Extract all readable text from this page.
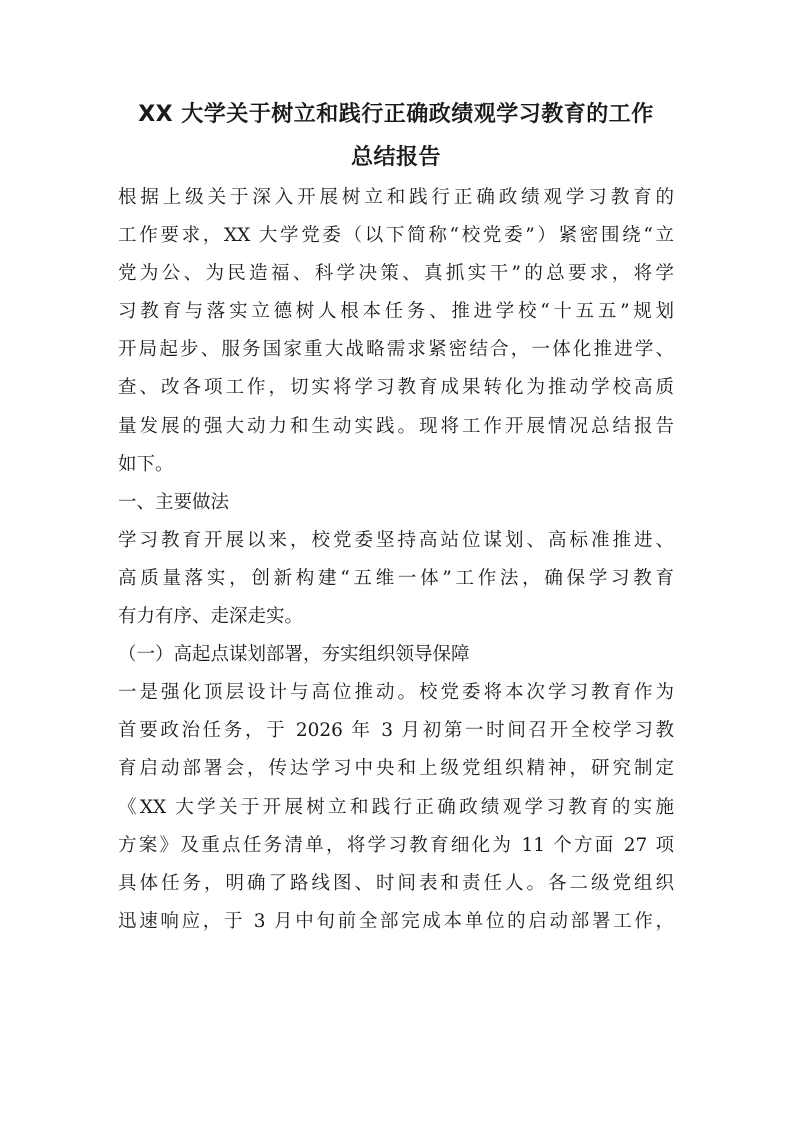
XX 大学关于树立和践行正确政绩观学习教育的工作
总结报告
根据上级关于深入开展树立和践行正确政绩观学习教育的
工作要求，XX 大学党委（以下简称“校党委”）紧密围绕“立
党为公、为民造福、科学决策、真抓实干”的总要求，将学
习教育与落实立德树人根本任务、推进学校“十五五”规划
开局起步、服务国家重大战略需求紧密结合，一体化推进学、
查、改各项工作，切实将学习教育成果转化为推动学校高质
量发展的强大动力和生动实践。现将工作开展情况总结报告
如下。
一、主要做法
学习教育开展以来，校党委坚持高站位谋划、高标准推进、
高质量落实，创新构建“五维一体”工作法，确保学习教育
有力有序、走深走实。
（一）高起点谋划部署，夯实组织领导保障
一是强化顶层设计与高位推动。校党委将本次学习教育作为
首要政治任务，于 2026 年 3 月初第一时间召开全校学习教
育启动部署会，传达学习中央和上级党组织精神，研究制定
《XX 大学关于开展树立和践行正确政绩观学习教育的实施
方案》及重点任务清单，将学习教育细化为 11 个方面 27 项
具体任务，明确了路线图、时间表和责任人。各二级党组织
迅速响应，于 3 月中旬前全部完成本单位的启动部署工作，
